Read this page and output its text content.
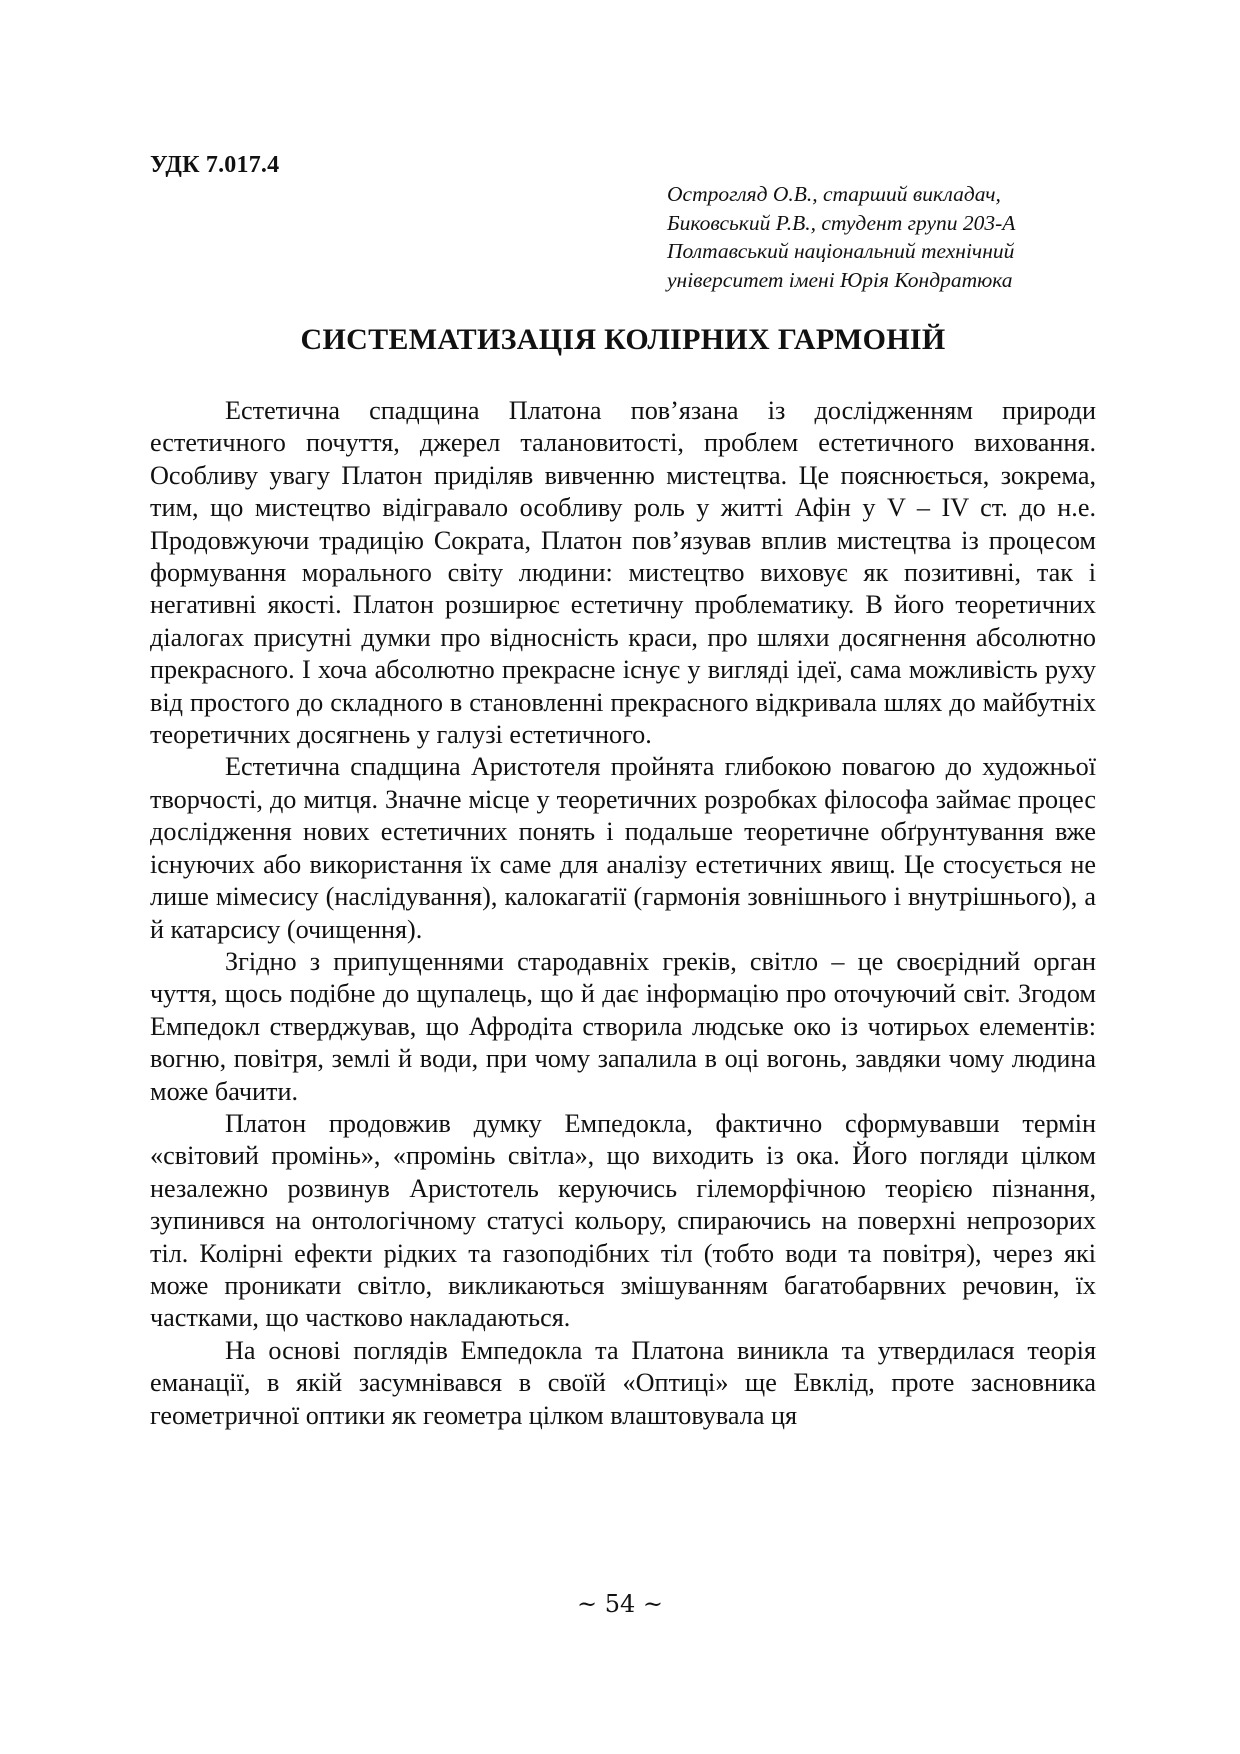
УДК 7.017.4
Острогляд О.В., старший викладач,
Биковський Р.В., студент групи 203-А
Полтавський національний технічний
університет імені Юрія Кондратюка
СИСТЕМАТИЗАЦІЯ КОЛІРНИХ ГАРМОНІЙ

Естетична спадщина Платона пов’язана із дослідженням природи естетичного почуття, джерел талановитості, проблем естетичного виховання. Особливу увагу Платон приділяв вивченню мистецтва. Це пояснюється, зокрема, тим, що мистецтво відігравало особливу роль у житті Афін у V – IV ст. до н.е. Продовжуючи традицію Сократа, Платон пов’язував вплив мистецтва із процесом формування морального світу людини: мистецтво виховує як позитивні, так і негативні якості. Платон розширює естетичну проблематику. В його теоретичних діалогах присутні думки про відносність краси, про шляхи досягнення абсолютно прекрасного. І хоча абсолютно прекрасне існує у вигляді ідеї, сама можливість руху від простого до складного в становленні прекрасного відкривала шлях до майбутніх теоретичних досягнень у галузі естетичного.

Естетична спадщина Аристотеля пройнята глибокою повагою до художньої творчості, до митця. Значне місце у теоретичних розробках філософа займає процес дослідження нових естетичних понять і подальше теоретичне обґрунтування вже існуючих або використання їх саме для аналізу естетичних явищ. Це стосується не лише мімесису (наслідування), калокагатії (гармонія зовнішнього і внутрішнього), а й катарсису (очищення).

Згідно з припущеннями стародавніх греків, світло – це своєрідний орган чуття, щось подібне до щупалець, що й дає інформацію про оточуючий світ. Згодом Емпедокл стверджував, що Афродіта створила людське око із чотирьох елементів: вогню, повітря, землі й води, при чому запалила в оці вогонь, завдяки чому людина може бачити.

Платон продовжив думку Емпедокла, фактично сформувавши термін «світовий промінь», «промінь світла», що виходить із ока. Його погляди цілком незалежно розвинув Аристотель керуючись гілеморфічною теорією пізнання, зупинився на онтологічному статусі кольору, спираючись на поверхні непрозорих тіл. Колірні ефекти рідких та газоподібних тіл (тобто води та повітря), через які може проникати світло, викликаються змішуванням багатобарвних речовин, їх частками, що частково накладаються.

На основі поглядів Емпедокла та Платона виникла та утвердилася теорія еманації, в якій засумнівався в своїй «Оптиці» ще Евклід, проте засновника геометричної оптики як геометра цілком влаштовувала ця

~ 54 ~
